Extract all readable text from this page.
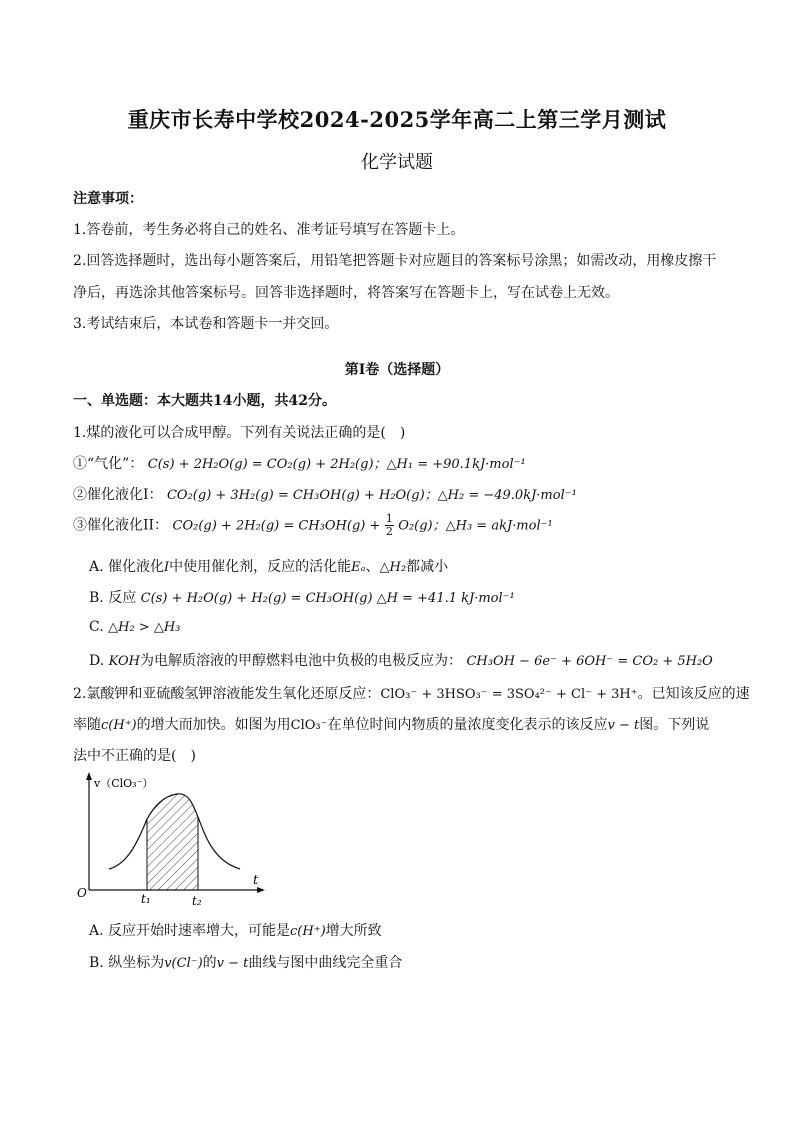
重庆市长寿中学校2024-2025学年高二上第三学月测试
化学试题
注意事项：
1.答卷前，考生务必将自己的姓名、准考证号填写在答题卡上。
2.回答选择题时，选出每小题答案后，用铅笔把答题卡对应题目的答案标号涂黑；如需改动，用橡皮擦干
净后，再选涂其他答案标号。回答非选择题时，将答案写在答题卡上，写在试卷上无效。
3.考试结束后，本试卷和答题卡一并交回。
第I卷（选择题）
一、单选题：本大题共14小题，共42分。
1.煤的液化可以合成甲醇。下列有关说法正确的是(　)
①“气化”： C(s) + 2H₂O(g) = CO₂(g) + 2H₂(g)；△H₁ = +90.1kJ·mol⁻¹
②催化液化I： CO₂(g) + 3H₂(g) = CH₃OH(g) + H₂O(g)；△H₂ = −49.0kJ·mol⁻¹
③催化液化II： $CO_2(g) + 2H_2(g) = CH_3OH(g) + \frac{1}{2} O_2(g)$；△H₃ = akJ·mol⁻¹
A. 催化液化I中使用催化剂，反应的活化能Eₐ、△H₂都减小
B. 反应 C(s) + H₂O(g) + H₂(g) = CH₃OH(g) △H = +41.1 kJ·mol⁻¹
C. △H₂ > △H₃
D. KOH为电解质溶液的甲醇燃料电池中负极的电极反应为： CH₃OH − 6e⁻ + 6OH⁻ = CO₂ + 5H₂O
2.氯酸钾和亚硫酸氢钾溶液能发生氧化还原反应：ClO₃⁻ + 3HSO₃⁻ = 3SO₄²⁻ + Cl⁻ + 3H⁺。已知该反应的速
率随c(H⁺)的增大而加快。如图为用ClO₃⁻在单位时间内物质的量浓度变化表示的该反应v − t图。下列说
法中不正确的是(　)
v（ClO₃⁻）
O
t
t₁	t₂
A. 反应开始时速率增大，可能是c(H⁺)增大所致
B. 纵坐标为v(Cl⁻)的v − t曲线与图中曲线完全重合
